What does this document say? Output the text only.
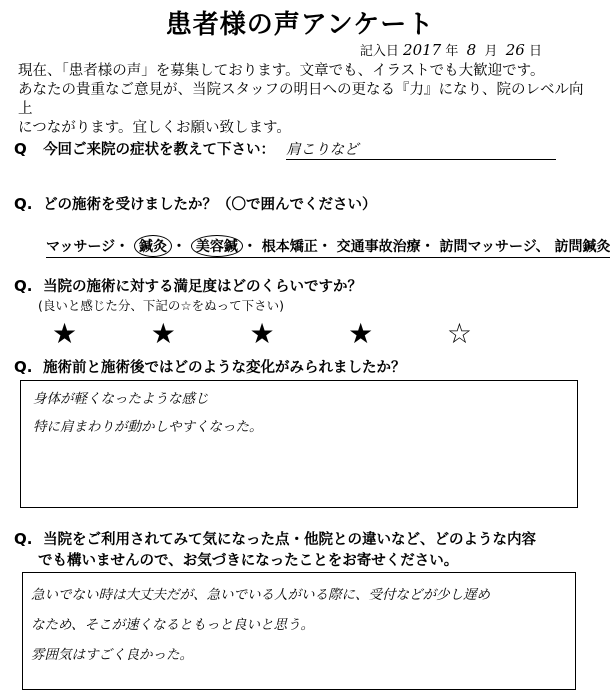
患者様の声アンケート
記入日 2017 年 8 月 26 日
現在、「患者様の声」を募集しております。文章でも、イラストでも大歓迎です。
あなたの貴重なご意見が、当院スタッフの明日への更なる『力』になり、院のレベル向上
につながります。宜しくお願い致します。
Q 今回ご来院の症状を教えて下さい： 肩こりなど
Q. どの施術を受けましたか？（〇で囲んでください）
マッサージ・ 鍼灸 ・ 美容鍼 ・ 根本矯正・ 交通事故治療・ 訪問マッサージ、 訪問鍼灸
Q. 当院の施術に対する満足度はどのくらいですか？
(良いと感じた分、下記の☆をぬって下さい)
★	★	★	★	☆
Q. 施術前と施術後ではどのような変化がみられましたか？
身体が軽くなったような感じ
特に肩まわりが動かしやすくなった。
Q. 当院をご利用されてみて気になった点・他院との違いなど、どのような内容
でも構いませんので、お気づきになったことをお寄せください。
急いでない時は大丈夫だが、急いでいる人がいる際に、受付などが少し遅め
なため、そこが速くなるともっと良いと思う。
雰囲気はすごく良かった。
